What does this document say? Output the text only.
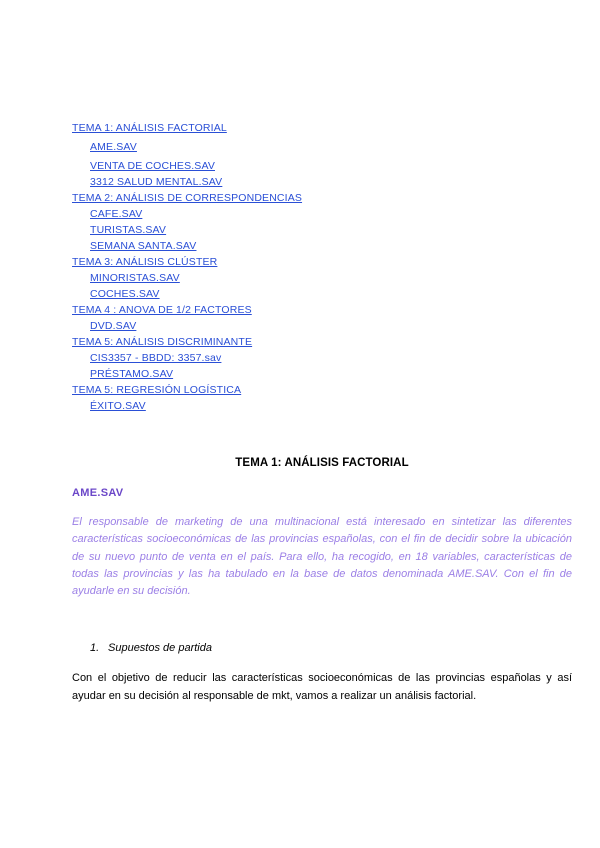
TEMA 1: ANÁLISIS FACTORIAL
AME.SAV
VENTA DE COCHES.SAV
3312 SALUD MENTAL.SAV
TEMA 2: ANÁLISIS DE CORRESPONDENCIAS
CAFE.SAV
TURISTAS.SAV
SEMANA SANTA.SAV
TEMA 3: ANÁLISIS CLÚSTER
MINORISTAS.SAV
COCHES.SAV
TEMA 4 : ANOVA DE 1/2 FACTORES
DVD.SAV
TEMA 5: ANÁLISIS DISCRIMINANTE
CIS3357 - BBDD: 3357.sav
PRÉSTAMO.SAV
TEMA 5: REGRESIÓN LOGÍSTICA
ÉXITO.SAV
TEMA 1: ANÁLISIS FACTORIAL
AME.SAV

El responsable de marketing de una multinacional está interesado en sintetizar las diferentes características socioeconómicas de las provincias españolas, con el fin de decidir sobre la ubicación de su nuevo punto de venta en el país. Para ello, ha recogido, en 18 variables, características de todas las provincias y las ha tabulado en la base de datos denominada AME.SAV. Con el fin de ayudarle en su decisión.

1. Supuestos de partida

Con el objetivo de reducir las características socioeconómicas de las provincias españolas y así ayudar en su decisión al responsable de mkt, vamos a realizar un análisis factorial.
